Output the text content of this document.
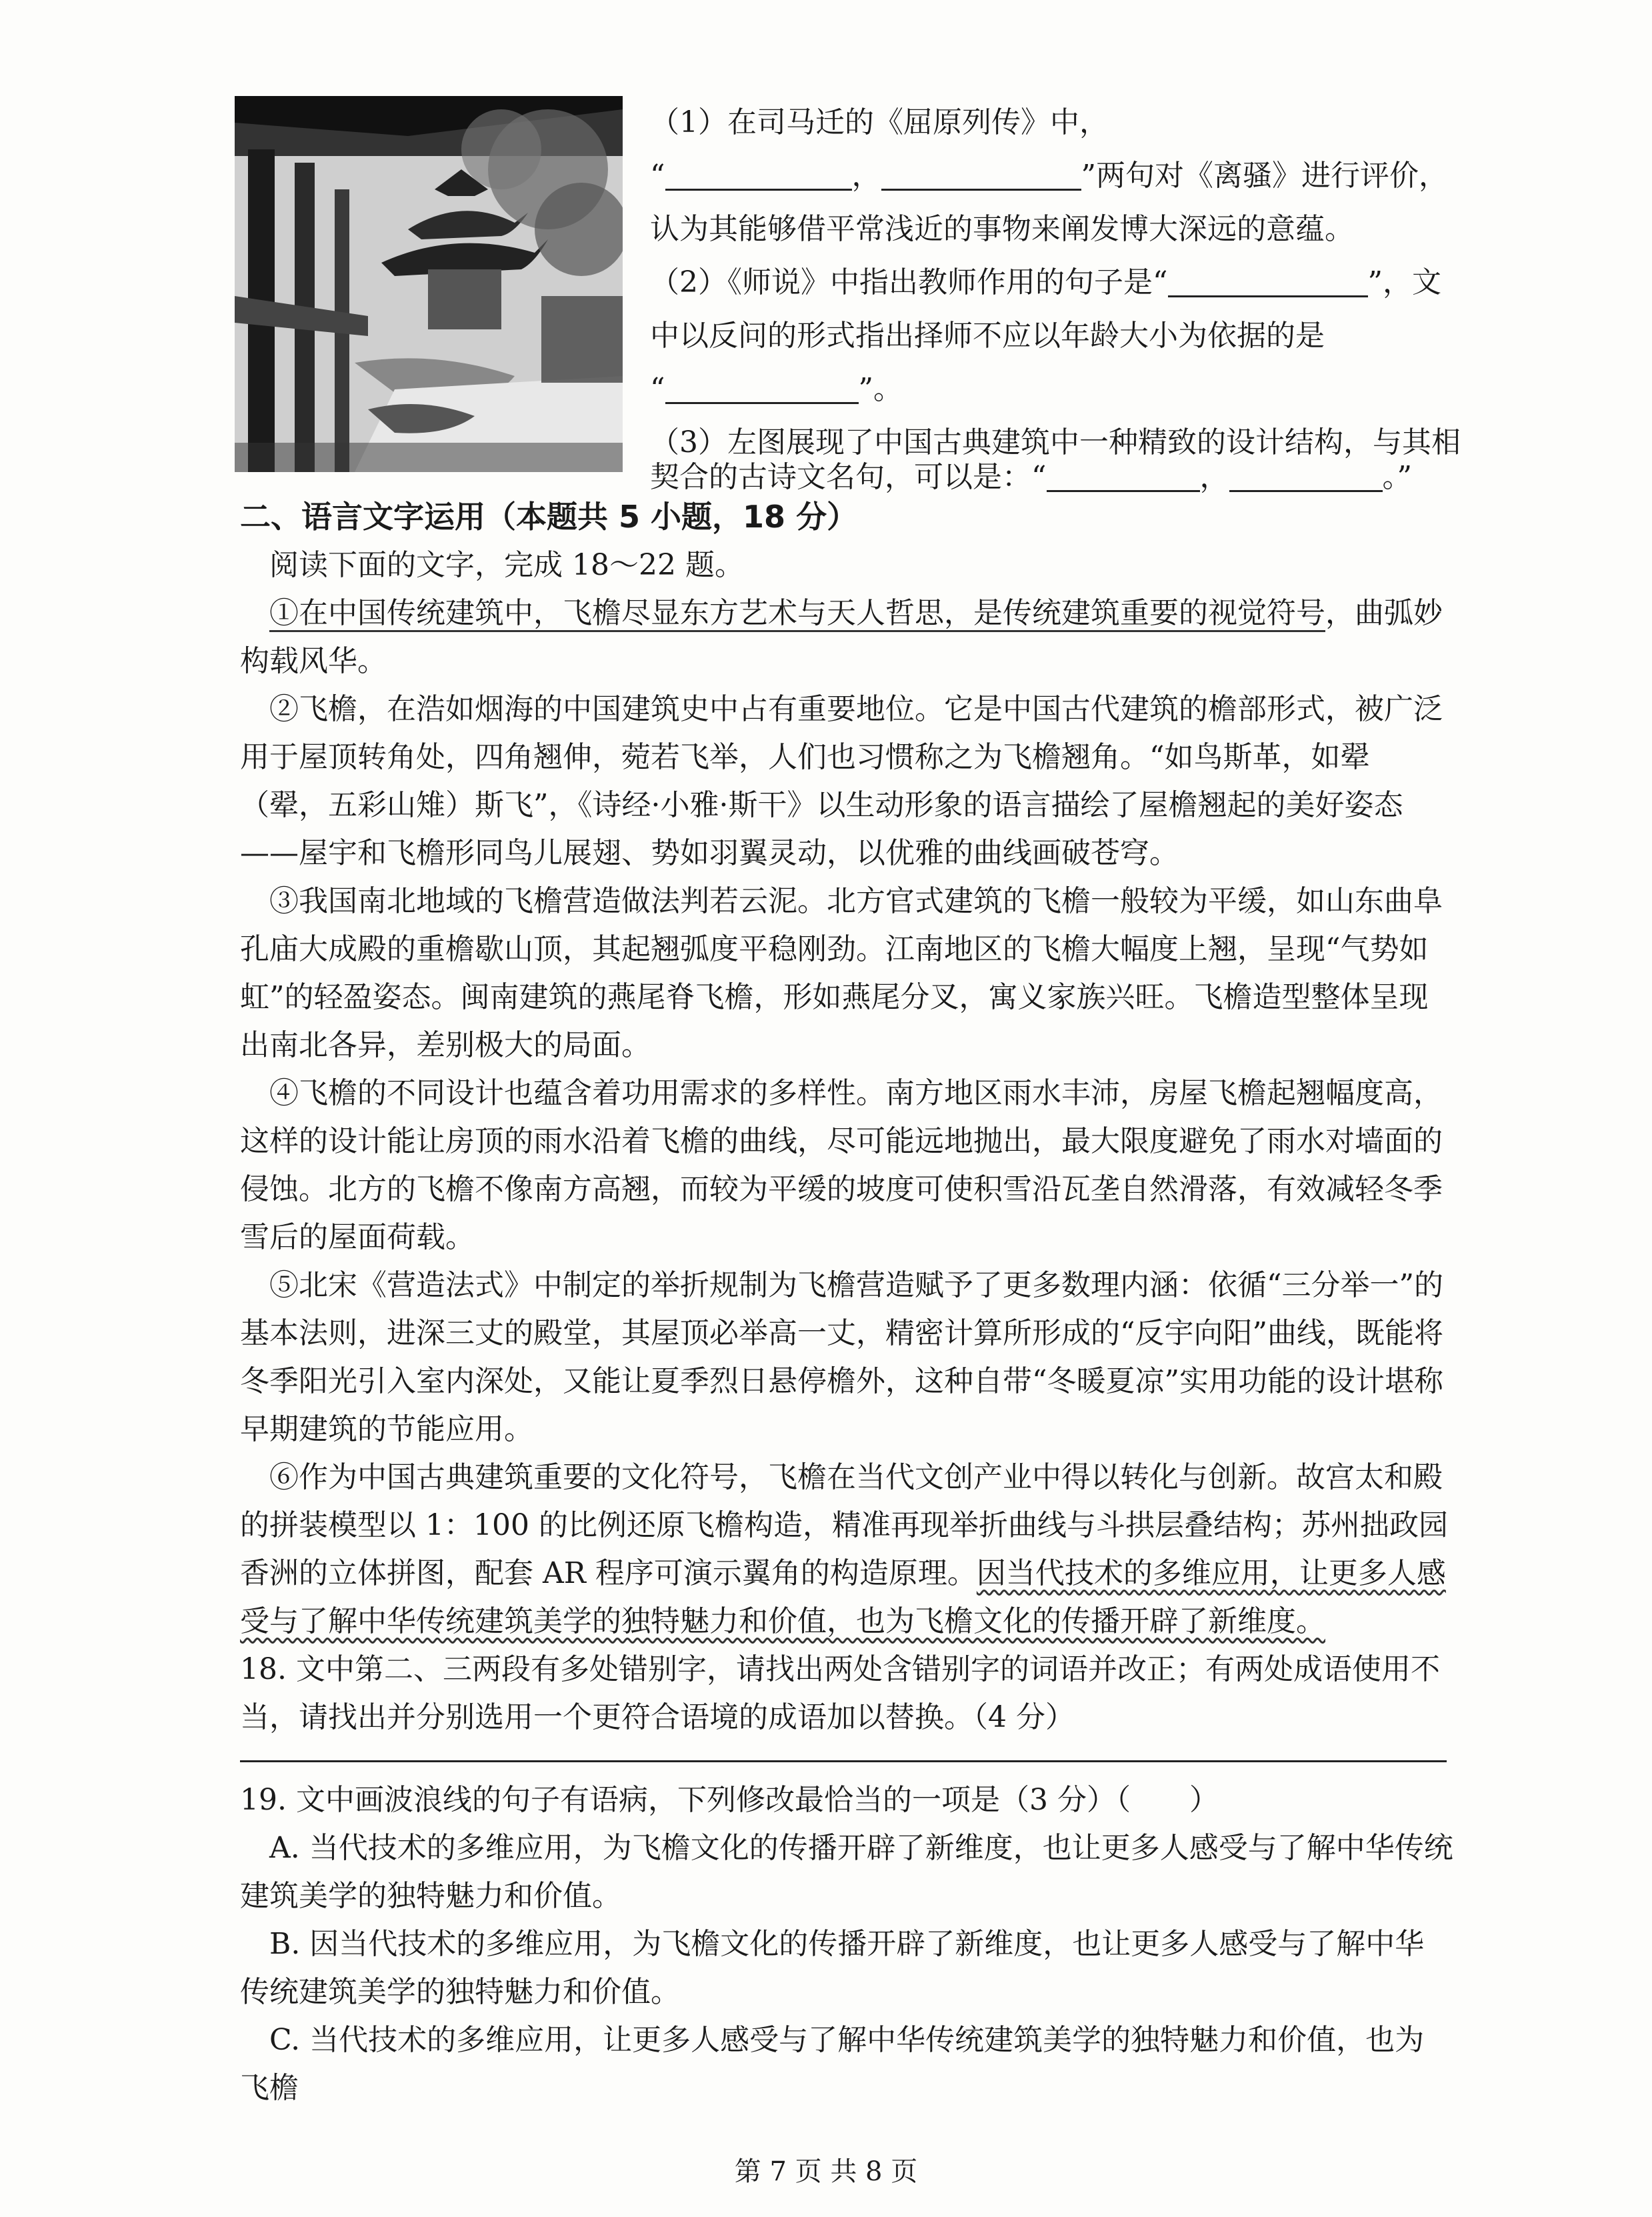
（1）在司马迁的《屈原列传》中，
“	，	”两句对《离骚》进行评价，
认为其能够借平常浅近的事物来阐发博大深远的意蕴。
（2）《师说》中指出教师作用的句子是“	”，文
中以反问的形式指出择师不应以年龄大小为依据的是
“	”。
（3）左图展现了中国古典建筑中一种精致的设计结构，与其相
契合的古诗文名句，可以是：“	，	。”
二、语言文字运用（本题共 5 小题，18 分）
阅读下面的文字，完成 18～22 题。
①在中国传统建筑中，飞檐尽显东方艺术与天人哲思，是传统建筑重要的视觉符号，曲弧妙构载风华。
②飞檐，在浩如烟海的中国建筑史中占有重要地位。它是中国古代建筑的檐部形式，被广泛用于屋顶转角处，四角翘伸，菀若飞举，人们也习惯称之为飞檐翘角。“如鸟斯革，如翚（翚，五彩山雉）斯飞”，《诗经·小雅·斯干》以生动形象的语言描绘了屋檐翘起的美好姿态——屋宇和飞檐形同鸟儿展翅、势如羽翼灵动，以优雅的曲线画破苍穹。
③我国南北地域的飞檐营造做法判若云泥。北方官式建筑的飞檐一般较为平缓，如山东曲阜孔庙大成殿的重檐歇山顶，其起翘弧度平稳刚劲。江南地区的飞檐大幅度上翘，呈现“气势如虹”的轻盈姿态。闽南建筑的燕尾脊飞檐，形如燕尾分叉，寓义家族兴旺。飞檐造型整体呈现出南北各异，差别极大的局面。
④飞檐的不同设计也蕴含着功用需求的多样性。南方地区雨水丰沛，房屋飞檐起翘幅度高，这样的设计能让房顶的雨水沿着飞檐的曲线，尽可能远地抛出，最大限度避免了雨水对墙面的侵蚀。北方的飞檐不像南方高翘，而较为平缓的坡度可使积雪沿瓦垄自然滑落，有效减轻冬季雪后的屋面荷载。
⑤北宋《营造法式》中制定的举折规制为飞檐营造赋予了更多数理内涵：依循“三分举一”的基本法则，进深三丈的殿堂，其屋顶必举高一丈，精密计算所形成的“反宇向阳”曲线，既能将冬季阳光引入室内深处，又能让夏季烈日悬停檐外，这种自带“冬暖夏凉”实用功能的设计堪称早期建筑的节能应用。
⑥作为中国古典建筑重要的文化符号，飞檐在当代文创产业中得以转化与创新。故宫太和殿的拼装模型以 1：100 的比例还原飞檐构造，精准再现举折曲线与斗拱层叠结构；苏州拙政园香洲的立体拼图，配套 AR 程序可演示翼角的构造原理。因当代技术的多维应用，让更多人感受与了解中华传统建筑美学的独特魅力和价值，也为飞檐文化的传播开辟了新维度。
18. 文中第二、三两段有多处错别字，请找出两处含错别字的词语并改正；有两处成语使用不当，请找出并分别选用一个更符合语境的成语加以替换。（4 分）
19. 文中画波浪线的句子有语病，下列修改最恰当的一项是（3 分）（　　）
A. 当代技术的多维应用，为飞檐文化的传播开辟了新维度，也让更多人感受与了解中华传统建筑美学的独特魅力和价值。
B. 因当代技术的多维应用，为飞檐文化的传播开辟了新维度，也让更多人感受与了解中华传统建筑美学的独特魅力和价值。
C. 当代技术的多维应用，让更多人感受与了解中华传统建筑美学的独特魅力和价值，也为飞檐
第 7 页 共 8 页
